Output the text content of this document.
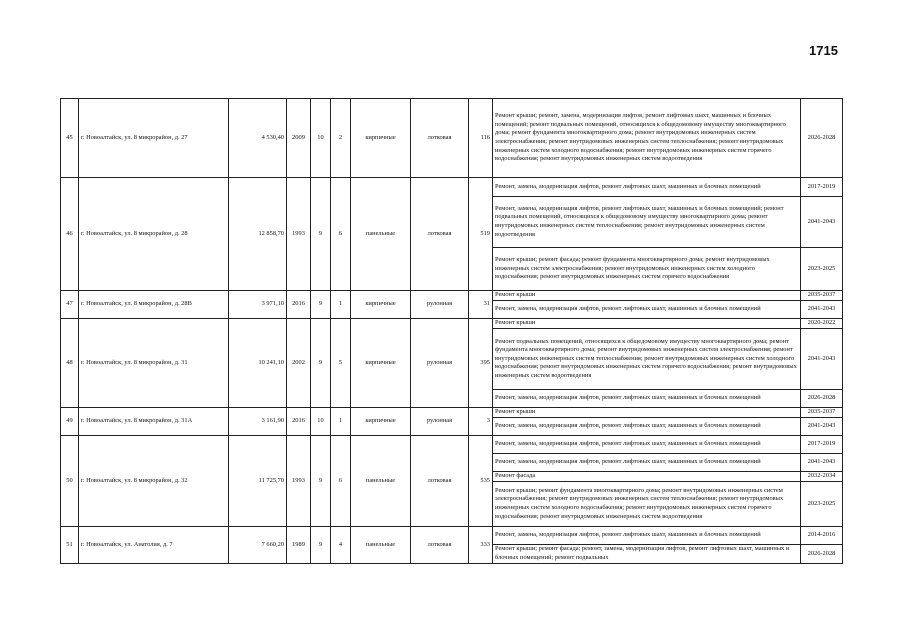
1715
45	г. Новоалтайск, ул. 8 микрорайон, д. 27	4 530,40	2009	10	2	кирпичные	лотковая	116	Ремонт крыши; ремонт, замена, модернизация лифтов, ремонт лифтовых шахт, машинных и блочных помещений; ремонт подвальных помещений, относящихся к общедомовому имуществу многоквартирного дома; ремонт фундамента многоквартирного дома; ремонт внутридомовых инженерных систем электроснабжения; ремонт внутридомовых инженерных систем теплоснабжения; ремонт внутридомовых инженерных систем холодного водоснабжения; ремонт внутридомовых инженерных систем горячего водоснабжения; ремонт внутридомовых инженерных систем водоотведения	2026-2028
46	г. Новоалтайск, ул. 8 микрорайон, д. 28	12 858,70	1993	9	6	панельные	лотковая	519	Ремонт, замена, модернизация лифтов, ремонт лифтовых шахт, машинных и блочных помещений	2017-2019
									Ремонт, замена, модернизация лифтов, ремонт лифтовых шахт, машинных и блочных помещений; ремонт подвальных помещений, относящихся к общедомовому имуществу многоквартирного дома; ремонт внутридомовых инженерных систем теплоснабжения; ремонт внутридомовых инженерных систем водоотведения	2041-2043
									Ремонт крыши; ремонт фасада; ремонт фундамента многоквартирного дома; ремонт внутридомовых инженерных систем электроснабжения; ремонт внутридомовых инженерных систем холодного водоснабжения; ремонт внутридомовых инженерных систем горячего водоснабжения	2023-2025
47	г. Новоалтайск, ул. 8 микрорайон, д. 28В	3 971,10	2016	9	1	кирпичные	рулонная	31	Ремонт крыши	2035-2037
									Ремонт, замена, модернизация лифтов, ремонт лифтовых шахт, машинных и блочных помещений	2041-2043
48	г. Новоалтайск, ул. 8 микрорайон, д. 31	10 241,10	2002	9	5	кирпичные	рулонная	395	Ремонт крыши	2020-2022
									Ремонт подвальных помещений, относящихся к общедомовому имуществу многоквартирного дома; ремонт фундамента многоквартирного дома; ремонт внутридомовых инженерных систем электроснабжения; ремонт внутридомовых инженерных систем теплоснабжения; ремонт внутридомовых инженерных систем холодного водоснабжения; ремонт внутридомовых инженерных систем горячего водоснабжения; ремонт внутридомовых инженерных систем водоотведения	2041-2043
									Ремонт, замена, модернизация лифтов, ремонт лифтовых шахт, машинных и блочных помещений	2026-2028
49	г. Новоалтайск, ул. 8 микрорайон, д. 31А	3 161,90	2016	10	1	кирпичные	рулонная	3	Ремонт крыши	2035-2037
									Ремонт, замена, модернизация лифтов, ремонт лифтовых шахт, машинных и блочных помещений	2041-2043
50	г. Новоалтайск, ул. 8 микрорайон, д. 32	11 725,70	1993	9	6	панельные	лотковая	535	Ремонт, замена, модернизация лифтов, ремонт лифтовых шахт, машинных и блочных помещений	2017-2019
									Ремонт, замена, модернизация лифтов, ремонт лифтовых шахт, машинных и блочных помещений	2041-2043
									Ремонт фасада	2032-2034
									Ремонт крыши; ремонт фундамента многоквартирного дома; ремонт внутридомовых инженерных систем электроснабжения; ремонт внутридомовых инженерных систем теплоснабжения; ремонт внутридомовых инженерных систем холодного водоснабжения; ремонт внутридомовых инженерных систем горячего водоснабжения; ремонт внутридомовых инженерных систем водоотведения	2023-2025
51	г. Новоалтайск, ул. Анатолия, д. 7	7 660,20	1989	9	4	панельные	лотковая	333	Ремонт, замена, модернизация лифтов, ремонт лифтовых шахт, машинных и блочных помещений	2014-2016
									Ремонт крыши; ремонт фасада; ремонт, замена, модернизация лифтов, ремонт лифтовых шахт, машинных и блочных помещений; ремонт подвальных	2026-2028
